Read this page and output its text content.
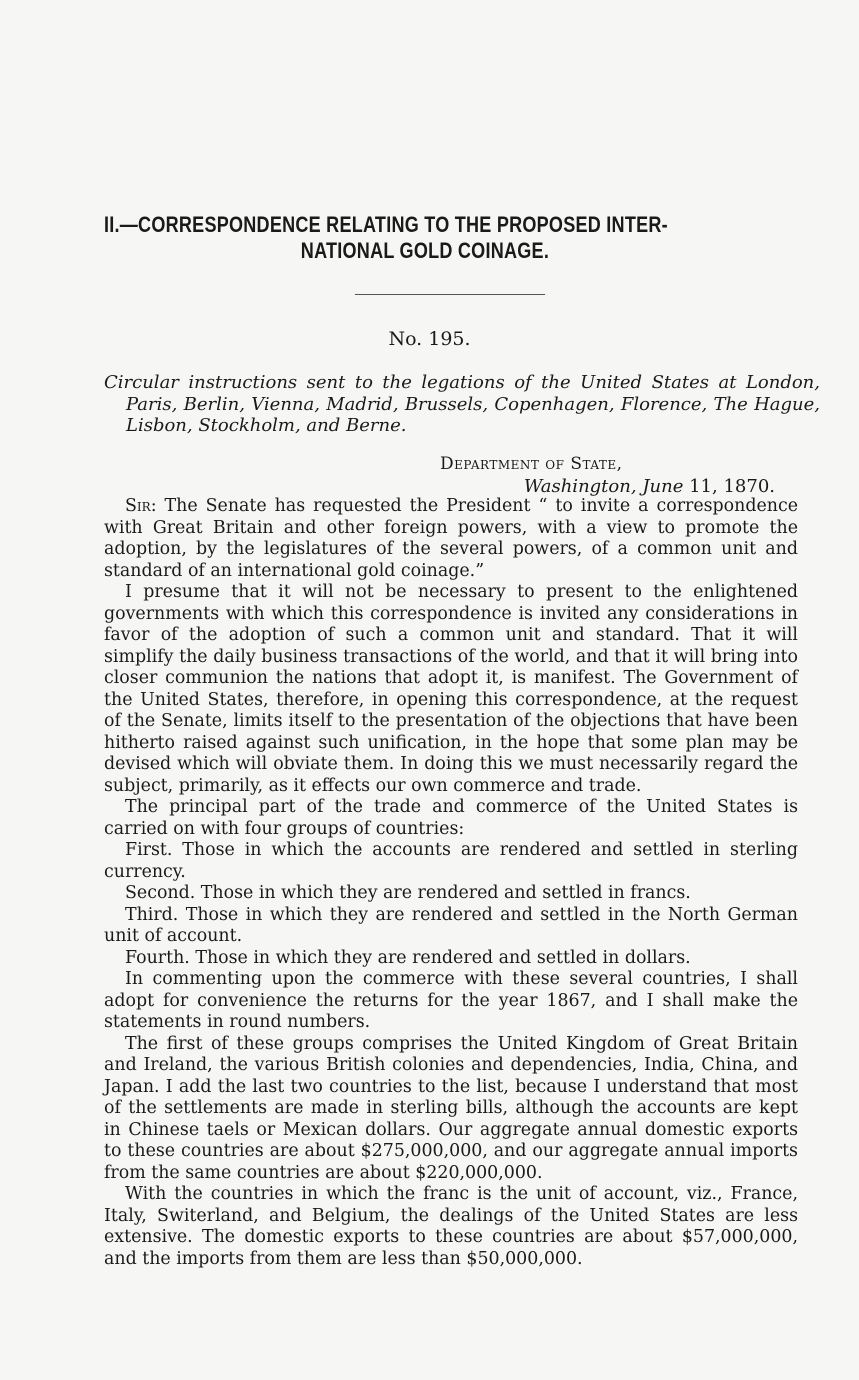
II.—CORRESPONDENCE RELATING TO THE PROPOSED INTER-
NATIONAL GOLD COINAGE.
No. 195.
Circular instructions sent to the legations of the United States at London, Paris, Berlin, Vienna, Madrid, Brussels, Copenhagen, Florence, The Hague, Lisbon, Stockholm, and Berne.
Department of State,
Washington, June 11, 1870.

Sir: The Senate has requested the President “ to invite a correspondence with Great Britain and other foreign powers, with a view to promote the adoption, by the legislatures of the several powers, of a common unit and standard of an international gold coinage.”

I presume that it will not be necessary to present to the enlightened governments with which this correspondence is invited any considerations in favor of the adoption of such a common unit and standard. That it will simplify the daily business transactions of the world, and that it will bring into closer communion the nations that adopt it, is manifest. The Government of the United States, therefore, in opening this correspondence, at the request of the Senate, limits itself to the presentation of the objections that have been hitherto raised against such unification, in the hope that some plan may be devised which will obviate them. In doing this we must necessarily regard the subject, primarily, as it effects our own commerce and trade.

The principal part of the trade and commerce of the United States is carried on with four groups of countries:

First. Those in which the accounts are rendered and settled in sterling currency.

Second. Those in which they are rendered and settled in francs.

Third. Those in which they are rendered and settled in the North German unit of account.

Fourth. Those in which they are rendered and settled in dollars.

In commenting upon the commerce with these several countries, I shall adopt for convenience the returns for the year 1867, and I shall make the statements in round numbers.

The first of these groups comprises the United Kingdom of Great Britain and Ireland, the various British colonies and dependencies, India, China, and Japan. I add the last two countries to the list, because I understand that most of the settlements are made in sterling bills, although the accounts are kept in Chinese taels or Mexican dollars. Our aggregate annual domestic exports to these countries are about $275,000,000, and our aggregate annual imports from the same countries are about $220,000,000.

With the countries in which the franc is the unit of account, viz., France, Italy, Switerland, and Belgium, the dealings of the United States are less extensive. The domestic exports to these countries are about $57,000,000, and the imports from them are less than $50,000,000.
